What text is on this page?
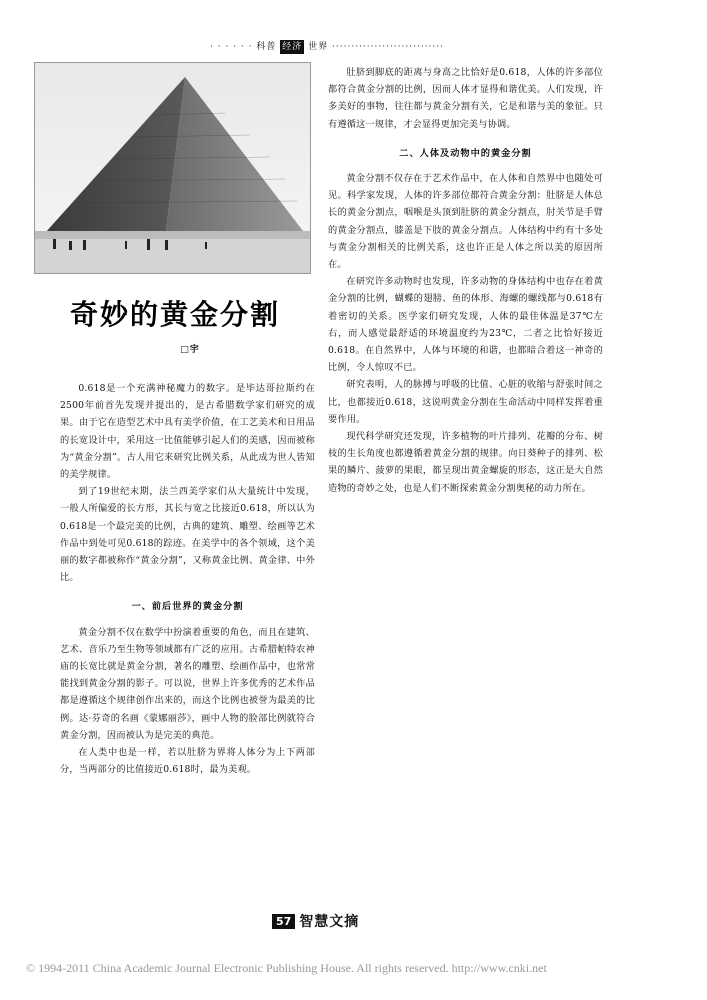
· · · · · · 科普 经济 世界 ·····························
奇妙的黄金分割
□宇

0.618是一个充满神秘魔力的数字。是毕达哥拉斯约在2500年前首先发现并提出的，是古希腊数学家们研究的成果。由于它在造型艺术中具有美学价值，在工艺美术和日用品的长宽设计中，采用这一比值能够引起人们的美感，因而被称为“黄金分割”。古人用它来研究比例关系，从此成为世人皆知的美学规律。

到了19世纪末期，法兰西美学家们从大量统计中发现，一般人所偏爱的长方形，其长与宽之比接近0.618，所以认为0.618是一个最完美的比例，古典的建筑、雕塑、绘画等艺术作品中到处可见0.618的踪迹。在美学中的各个领域，这个美丽的数字都被称作“黄金分割”，又称黄金比例、黄金律、中外比。

一、前后世界的黄金分割

黄金分割不仅在数学中扮演着重要的角色，而且在建筑、艺术、音乐乃至生物等领域都有广泛的应用。古希腊帕特农神庙的长宽比就是黄金分割，著名的雕塑、绘画作品中，也常常能找到黄金分割的影子。可以说，世界上许多优秀的艺术作品都是遵循这个规律创作出来的，而这个比例也被誉为最美的比例。达·芬奇的名画《蒙娜丽莎》，画中人物的脸部比例就符合黄金分割，因而被认为是完美的典范。

在人类中也是一样，若以肚脐为界将人体分为上下两部分，当两部分的比值接近0.618时，最为美观。

肚脐到脚底的距离与身高之比恰好是0.618，人体的许多部位都符合黄金分割的比例，因而人体才显得和谐优美。人们发现，许多美好的事物，往往都与黄金分割有关，它是和谐与美的象征。只有遵循这一规律，才会显得更加完美与协调。

二、人体及动物中的黄金分割

黄金分割不仅存在于艺术作品中，在人体和自然界中也随处可见。科学家发现，人体的许多部位都符合黄金分割：肚脐是人体总长的黄金分割点，咽喉是头顶到肚脐的黄金分割点，肘关节是手臂的黄金分割点，膝盖是下肢的黄金分割点。人体结构中约有十多处与黄金分割相关的比例关系，这也许正是人体之所以美的原因所在。

在研究许多动物时也发现，许多动物的身体结构中也存在着黄金分割的比例，蝴蝶的翅膀、鱼的体形、海螺的螺线都与0.618有着密切的关系。医学家们研究发现，人体的最佳体温是37℃左右，而人感觉最舒适的环境温度约为23℃，二者之比恰好接近0.618。在自然界中，人体与环境的和谐，也都暗合着这一神奇的比例，令人惊叹不已。

研究表明，人的脉搏与呼吸的比值、心脏的收缩与舒张时间之比，也都接近0.618，这说明黄金分割在生命活动中同样发挥着重要作用。

现代科学研究还发现，许多植物的叶片排列、花瓣的分布、树枝的生长角度也都遵循着黄金分割的规律。向日葵种子的排列、松果的鳞片、菠萝的果眼，都呈现出黄金螺旋的形态，这正是大自然造物的奇妙之处，也是人们不断探索黄金分割奥秘的动力所在。

57 智慧文摘
© 1994-2011 China Academic Journal Electronic Publishing House. All rights reserved. http://www.cnki.net
